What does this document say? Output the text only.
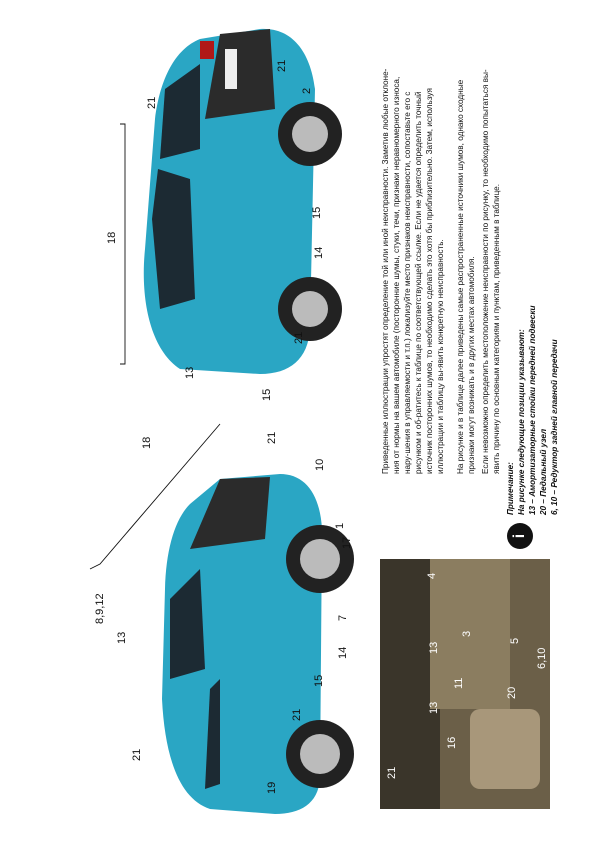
Приведенные иллюстрации упростят определение той или иной неисправности. Заметив любые отклоне-ния от нормы на вашем автомобиле (посторонние шумы, стуки, течи, признаки неравномерного износа, нару-шения в управляемости и т.п.) локализуйте место признаков неисправности, сопоставьте его с рисунком и об-ратитесь к таблице по соответствующей ссылке. Если не удается определить точный источник посторонних шумов, то необходимо сделать это хотя бы приблизительно. Затем, используя иллюстрации и таблицу вы-явить конкретную неисправность. На рисунке и в таблице далее приведены самые распространенные источники шумов, однако сходные признаки могут возникать и в других местах автомобиля. Если невозможно определить местоположение неисправности по рисунку, то необходимо попытаться вы-явить причину по основным категориям и пунктам, приведенным в таблице.
i
Примечание: На рисунке следующие позиции указывают: 13 – Амортизаторные стойки передней подвески 20 – Педальный узел 6, 10 – Редуктор задней главной передачи
21
2
21
15
14
18
21
13
15
18	21
10
1
17
8,9,12
13
7
14
15
21
21
19
4
3
13
11
20
13
16
5
6,10
21
